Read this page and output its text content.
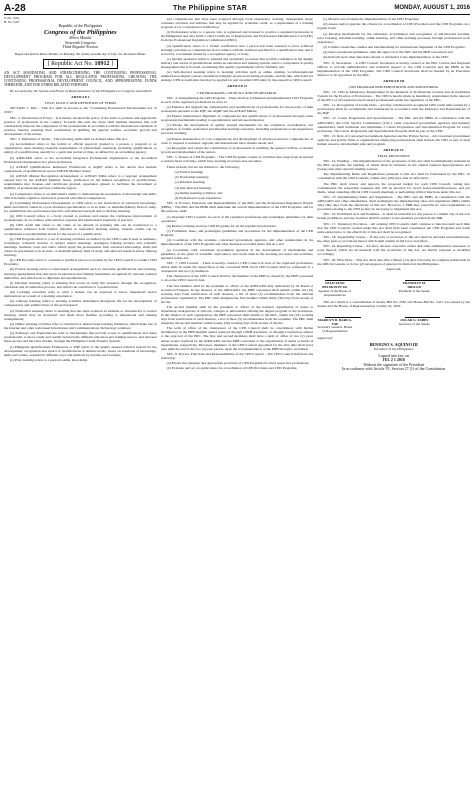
A-28	The Philippine STAR	MONDAY, AUGUST 1, 2016
S. No. 2581
H. No. 5417
Republic of the Philippines
Congress of the Philippines
Metro Manila
Sixteenth Congress
Third Regular Session

Begun and held in Metro Manila, on Monday, the twenty-seventh day of July, two thousand fifteen.

[ Republic Act No. 10912 ]
AN ACT MANDATING AND STRENGTHENING THE CONTINUING PROFESSIONAL DEVELOPMENT PROGRAM FOR ALL REGULATED PROFESSIONS, CREATING THE CONTINUING PROFESSIONAL DEVELOPMENT COUNCIL, AND APPROPRIATING FUNDS THEREFOR, AND FOR OTHER RELATED PURPOSES

Be it enacted by the Senate and House of Representatives of the Philippines in Congress assembled:

ARTICLE I
TITLE, POLICY AND DEFINITION OF TERMS

SECTION 1. Title. - This Act shall be known as the "Continuing Professional Development Act of 2016".

SEC. 2. Declaration of Policy. - It is hereby declared the policy of the State to promote and upgrade the practice of professions in the country. Towards this end, the State shall institute measures that will continuously improve the competence of the professionals in accordance with the international standards of practice, thereby, ensuring their contribution in uplifting the general welfare, economic growth and development of the nation.

SEC. 3. Definition of Terms. - The following terms shall be defined under this Act:

(a) Accreditation refers to the formal or official approval granted to a person, a program or an organization, upon meeting essential requirements of achievement standards, including qualifications or unit(s) of a qualification, usually for a particular period of time, as defined by an accrediting agency;

(b) AIPO/APO refers to the Accredited Integrated Professional Organization or the Accredited Professional Organization in a given profession;

(c) ASEAN Qualifications Reference Framework or AQRF refers to the device that enables comparisons of qualifications across ASEAN Member States;

(d) ASEAN Mutual Recognition Arrangement or ASEAN MRA refers to a regional arrangement entered into by the ASEAN Member States, predicated on the mutual recognition of qualifications, requirements met, licenses and certificates granted, experience gained, to facilitate the movement or mobility of professional services within the region;

(e) Competence refers to an individual's ability to demonstrate the possession of knowledge and skills, which includes cognitive, functional, personal and ethical competences;

(f) Continuing Professional Development or CPD refers to the inculcation of advanced knowledge, skills and ethical values in a post-licensure specialization or in an inter- or multidisciplinary field of study, for assimilation into professional practice, self-directed research and/or lifelong learning;

(g) CPD Council refers to a body created to promote and ensure the continuous improvement of professionals, in accordance with national, regional and international standards of practice;

(h) CPD credit unit refers to the value of an amount of learning that can be transferred to a qualification achieved from formal, informal or nonformal learning setting, wherein credits can be accumulated to predetermined levels for the award of a qualification;

(i) CPD Program refers to a set of learning activities accredited by the CPD Council such as seminars, workshops, technical lectures or subject matter meetings, nondegree training lectures and scientific meetings, modules, tours and visits, which equip the professionals with advanced knowledge, skills and values in specialized or in an inter- or multidisciplinary field of study, self-directed research and/or lifelong learning;

(j) CPD Provider refers to a natural or juridical person accredited by the CPD Council to conduct CPD Programs;

(k) Formal learning refers to educational arrangements such as curricular qualifications and teaching-learning requirements that take place in education and training institutions recognized by relevant national authorities, and which lead to diplomas and qualifications;

(l) Informal learning refers to learning that occurs in daily life assessed, through the recognition, validation and accreditation process, and which can contribute to a qualification;

(m) Learning outcomes refer to what a learner can be expected to know, understand and/or demonstrate as a result of a learning experience;

(n) Lifelong learning refers to learning activities undertaken throughout life for the development of competencies and qualifications of the professional;

(o) Nonformal learning refers to learning that has been acquired in addition or alternatively to formal learning, which may be structured and made more flexible according to educational and training arrangements;

(p) Online learning activities refer to structured or unstructured learning initiatives, which make use of the internet and other web-based Information and Communications Technology solutions;

(q) Pathways and Equivalencies refer to mechanisms that provide access to qualifications and assist professionals to move easily and readily between the different education and training sectors, and between these sectors and the labor market, through the Philippine Credit Transfer System;

(r) Philippine Qualifications Framework or PQF refers to the quality assured national system for the development, recognition and award of qualifications at defined levels, based on standards of knowledge, skills and values, acquired in different ways and methods by learners and workers;

(s) Prior learning refers to a person's skills, knowledge

and competencies that have been acquired through work experience, training, independent study, volunteer activities and hobbies, that may be applied for academic credit, as a requirement of a training program or for occupational certification;

(t) Professional refers to a person who is registered and licensed to practice a regulated profession in the Philippines and who holds a valid Certificate of Registration and Professional Identification Card (PIC) from the Professional Regulation Commission (PRC);

(u) Qualification refers to a formal certification that a person has been assessed to have achieved learning outcomes or competencies in accordance with the standard specified for a qualification title, and is proven by a document issued by a recognized agency or body;

(v) Quality assurance refers to planned and systematic processes that provide confidence in the design, delivery and award of qualifications within an education and training system, and is a component of quality management that is focused on ensuring that quality requirements will be fulfilled; and

(w) Self-directed learning refers to learning activities such as online training, local/international seminars/non-degree courses, institution/company-sponsored training programs, and the like, which did not undergo CPD accreditation but may be applied for and awarded CPD units by the respective CPD Council.

ARTICLE II
CPD PROGRAMS, COUNCILS AND SECRETARIAT

SEC. 4. Strengthening the CPD Program. - There shall be formulated and implemented CPD Programs in each of the regulated professions in order to:

(a) Enhance and upgrade the competencies and qualifications of professionals for the practice of their professions pursuant to the PQF, the AQRF and the ASEAN MRAs;

(b) Ensure international alignment of competencies and qualifications of professionals through career progression mechanisms leading to specialization and sub-specialization;

(c) Ensure the development of quality assured mechanisms for the validation, accreditation, and recognition of formal, nonformal and informal learning outcomes, including professional work experiences and prior learning;

(d) Ensure maintenance of core competencies and development of advanced and new competencies, in order to respond to national, regional and international labor market needs; and

(e) Recognize and ensure the contribution of professionals in uplifting the general welfare, economic growth and development of the nation.

SEC. 5. Nature of CPD Programs. - The CPD Programs consist of activities that range from structured to unstructured activities, which have learning processes and outcomes.

These include, but are not limited to, the following:

(a) Formal learning;

(b) Nonformal learning;

(c) Informal learning;

(d) Self-directed learning;

(e) Online learning activities; and

(f) Professional work experience.

SEC. 6. Powers, Functions and Responsibilities of the PRC and the Professional Regulatory Boards (PRBs). - The PRC and the PRBs shall undertake the overall implementation of the CPD Programs, and for this purpose, shall:

(a) Organize CPD Councils for each of the regulated professions and promulgate guidelines for their operations;

(b) Review existing and new CPD Programs for all the regulated professions;

(c) Formulate, issue, and promulgate guidelines and procedures for the implementation of the CPD Program;

(d) Coordinate with the academe, concerned government agencies, and other stakeholders in the implementation of the CPD Programs and other measures provided under this Act; and

(e) Coordinate with concerned government agencies in the development of mechanisms and guidelines, in the grant of academic equivalency and credit units in the learning processes and activities, pursuant to this Act.

SEC. 7. CPD Council. - There is hereby created a CPD Council in each of the regulated professions, which shall be under the supervision of the concerned PRB. Each CPD Council shall be composed of a chairperson and two (2) members.

The chairperson of the CPD Council shall be the member of the PRB as chosen by the PRB concerned to sit as the CPD Council chair.

The first member shall be the president or officer of the AIPO/APO duly authorized by its Board of Governors/Trustees. In the absence of the AIPO/APO, the PRB concerned shall submit within ten (10) working days from notification of such absence, a list of three (3) recommendees from the national professional organization. The PRC shall designate the first member within thirty (30) days from receipt of the list.

The second member shall be the president or officer of the national organization of deans or department chairpersons of schools, colleges or universities offering the degree program of the profession. In the absence of such organization, the PRB concerned shall submit to the PRC, within ten (10) working days from notification of such absence, a list of three (3) recommendees from the academe. The PRC shall designate the second member within twenty (20) working days from receipt of the list.

The term of office of the chairperson of the CPD Council shall be coterminous with his/her incumbency as the PRB member unless replaced through a PRB resolution, or through a resolution, subject to the approval of the PRC. The first and second members shall have a term of office of two (2) years unless sooner replaced by the AIPO/APO and the PRB concerned or the organization of deans or heads of departments, respectively. However, members of the CPD Council appointed for the first time shall serve only until the end of the two (2)-year period, upon the recommendation of the PRB through a resolution.

SEC. 8. Powers, Functions and Responsibilities of the CPD Council. - The CPD Council shall have the following:

(a) Ensure the adequate and appropriate provision of CPD Programs for their respective professions;

(b) Evaluate and act on applications for accreditation of CPD Providers and CPD Programs;

(c) Monitor and evaluate the implementation of the CPD Programs;

(d) Assess and/or upgrade the criteria for accreditation of CPD Providers and the CPD Programs on a regular basis;

(e) Develop mechanisms for the validation, accreditation and recognition of self-directed learning, prior learning, informal learning, online learning, and other learning processes through professional work experience;

(f) Conduct researches, studies and benchmarking for international alignment of the CPD Programs;

(g) Issue operational guidelines, with the approval of the PRC and the PRB concerned; and

(h) Perform such other functions related or incidental to the implementation of the CPD.

SEC. 9. Secretariat. - A CPD Council Secretariat is hereby created at the PRC Central and Regional Offices to provide administrative and technical support to the CPD Councils and the PRBs in the implementation of the CPD Programs. The CPD Council Secretariat shall be headed by an Executive Director to be appointed by the PRC.

ARTICLE III
CPD PROGRAM IMPLEMENTATION AND MONITORING

SEC. 10. CPD as Mandatory Requirement in the Renewal of Professional License and Accreditation System for the Practice of Professions. - The CPD is hereby made as mandatory requirement in the renewal of the PICs of all registered and licensed professionals under the regulation of the PRC.

SEC. 11. Recognition of Credit Units. - All duly validated and recognized CPD credit units earned by a professional shall be accumulated and transferred in accordance with the Pathways and Equivalencies of the PQF.

SEC. 12. Career Progression and Specialization. - The PRC and the PRBs, in consultation with the AIPO/APO, the Civil Service Commission (CSC), other concerned government agencies and industry stakeholders, shall formulate and implement a Career Progression and Specialization Program for every profession. The Career Progression and Specialization Program shall be part of the CPD.

SEC. 13. Role of Concerned Government Agencies and the Private Sector. - All concerned government agencies and private firms or organizations employing professionals shall include the CPD as part of their human resource development plan and program.

ARTICLE IV
FINAL PROVISIONS

SEC. 14. Funding. - The implementation of the provisions of this Act shall be immediately included in the PRC programs, the funding of which shall be included in the annual General Appropriations Act (GAA) and other relevant funding sources.

The Implementing Rules and Regulations pursuant to this Act shall be formulated by the PRC, in consultation with the CPD Councils, within sixty (60) days after its effectivity.

The PRC shall review and approve the proposed budget for each CPD Council, taking into consideration the reasonable expenses that will be incurred for travel, honorarium/allowances, and per diems, when attending official CPD Council meetings or performing official functions under this Act.

SEC. 15. Implementing Rules and Regulations. - The PRC and the PRBs, in consultation with the AIPO/APO and other stakeholders, shall promulgate the implementing rules and regulations (IRR) within sixty (60) days from the effectivity of this Act. However, a PRB may prescribe its own requirements or procedure relating to the CPD as may be necessary to implement this Act.

SEC. 16. Prohibited Acts and Penalties. - It shall be unlawful for any person to commit any of the acts herein prohibited, and any violation shall be subject to the penalties provided in the IRR.

SEC. 17. Transitory Provision. - All existing CPD Councils shall continue to function until such time that the CPD Councils created under this Act shall have been constituted. All CPD Programs and credit units earned prior to the effectivity of this Act shall be recognized.

SEC. 18. Separability Clause. - If any part or provision of this Act shall be declared unconstitutional, the other parts or provisions hereof which shall remain in full force and effect.

SEC. 19. Repealing Clause. - All laws, decrees, executive orders and other administrative issuances or parts thereof, which are inconsistent with the provisions of this Act, are hereby repealed or modified accordingly.

SEC. 20. Effectivity. - This Act shall take effect fifteen (15) days following its complete publication in the Official Gazette or in two (2) newspapers of general circulation in the Philippines.

Approved,

FELICIANO BELMONTE JR.
Speaker of the House of Representatives
FRANKLIN M. DRILON
President of the Senate

This Act which is a consolidation of Senate Bill No. 2581 and House Bill No. 5417 was passed by the Senate and the House of Representatives on May 23, 2016.

MARILYN B. BARUA-YAP
Secretary General, House of Representatives
OSCAR G. YABES
Secretary of the Senate

Approved:

BENIGNO S. AQUINO III
President of the Philippines
Lapsed into law on
JUL 2 1 2016
Without the signature of the President
In accordance with Article VI, Section 27 (1) of the Constitution
